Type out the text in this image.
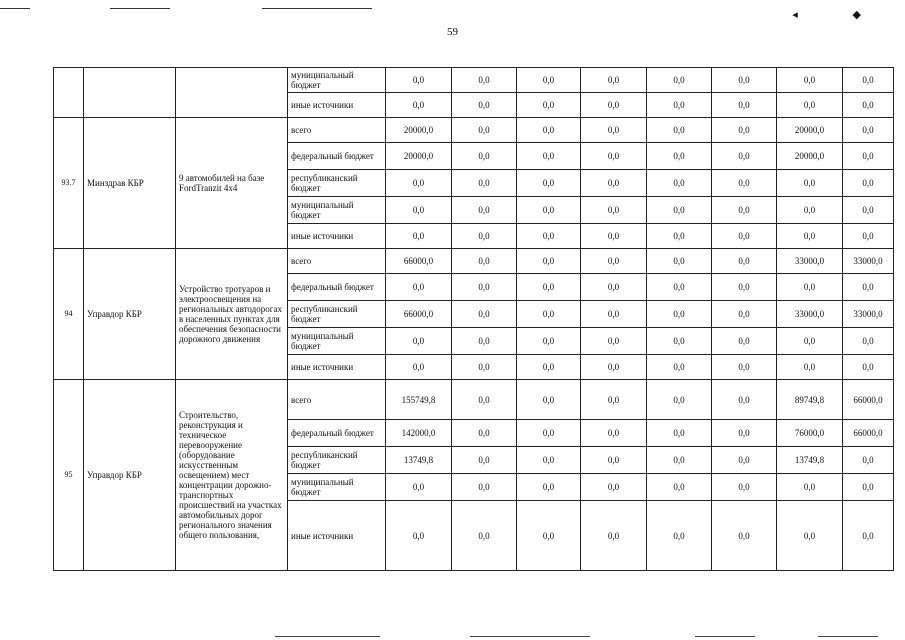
◂ ◆
59
			муниципальный бюджет	0,0	0,0	0,0	0,0	0,0	0,0	0,0	0,0
			иные источники	0,0	0,0	0,0	0,0	0,0	0,0	0,0	0,0
93.7	Минздрав КБР	9 автомобилей на базе FordTranzit 4x4	всего	20000,0	0,0	0,0	0,0	0,0	0,0	20000,0	0,0
			федеральный бюджет	20000,0	0,0	0,0	0,0	0,0	0,0	20000,0	0,0
			республиканский бюджет	0,0	0,0	0,0	0,0	0,0	0,0	0,0	0,0
			муниципальный бюджет	0,0	0,0	0,0	0,0	0,0	0,0	0,0	0,0
			иные источники	0,0	0,0	0,0	0,0	0,0	0,0	0,0	0,0
94	Управдор КБР	Устройство тротуаров и электроосвещения на региональных автодорогах в населенных пунктах для обеспечения безопасности дорожного движения	всего	66000,0	0,0	0,0	0,0	0,0	0,0	33000,0	33000,0
			федеральный бюджет	0,0	0,0	0,0	0,0	0,0	0,0	0,0	0,0
			республиканский бюджет	66000,0	0,0	0,0	0,0	0,0	0,0	33000,0	33000,0
			муниципальный бюджет	0,0	0,0	0,0	0,0	0,0	0,0	0,0	0,0
			иные источники	0,0	0,0	0,0	0,0	0,0	0,0	0,0	0,0
95	Управдор КБР	Строительство, реконструкция и техническое перевооружение (оборудование искусственным освещением) мест концентрации дорожно-транспортных происшествий на участках автомобильных дорог регионального значения общего пользования,	всего	155749,8	0,0	0,0	0,0	0,0	0,0	89749,8	66000,0
			федеральный бюджет	142000,0	0,0	0,0	0,0	0,0	0,0	76000,0	66000,0
			республиканский бюджет	13749,8	0,0	0,0	0,0	0,0	0,0	13749,8	0,0
			муниципальный бюджет	0,0	0,0	0,0	0,0	0,0	0,0	0,0	0,0
			иные источники	0,0	0,0	0,0	0,0	0,0	0,0	0,0	0,0
